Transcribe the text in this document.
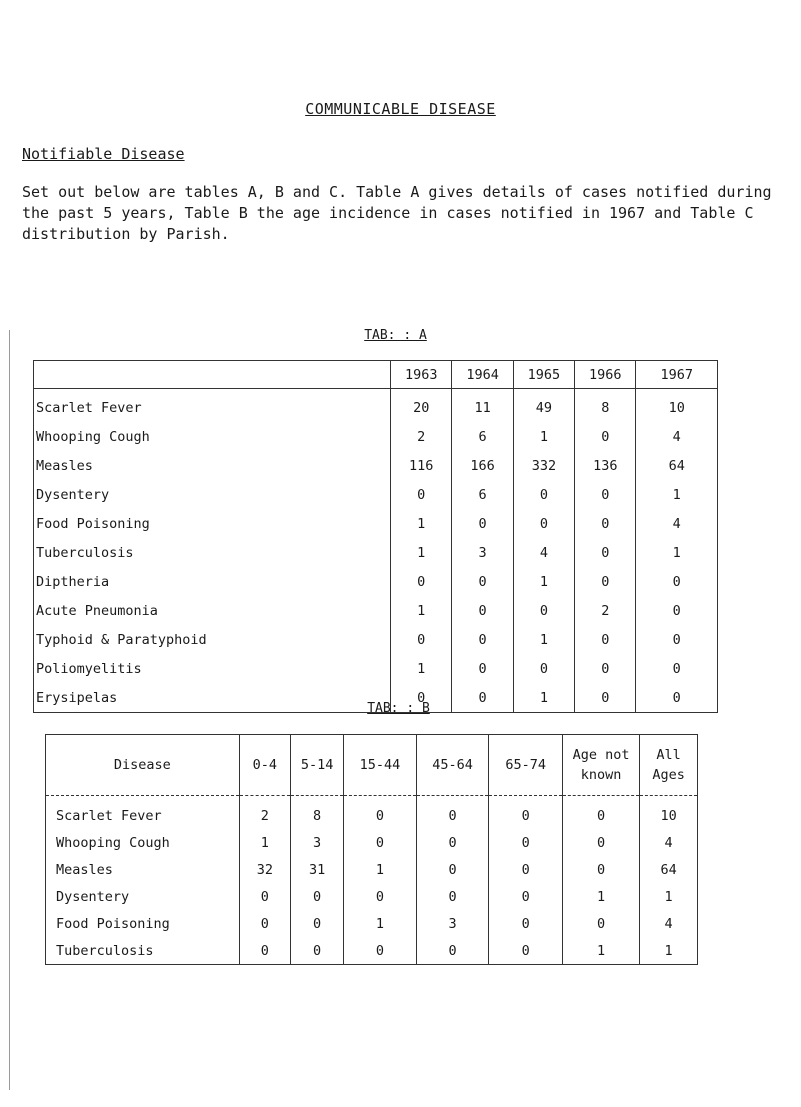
COMMUNICABLE DISEASE
Notifiable Disease

Set out below are tables A, B and C. Table A gives details of cases notified during the past 5 years, Table B the age incidence in cases notified in 1967 and Table C distribution by Parish.

TAB: : A
	1963	1964	1965	1966	1967
Scarlet Fever	20	11	49	8	10
Whooping Cough	2	6	1	0	4
Measles	116	166	332	136	64
Dysentery	0	6	0	0	1
Food Poisoning	1	0	0	0	4
Tuberculosis	1	3	4	0	1
Diptheria	0	0	1	0	0
Acute Pneumonia	1	0	0	2	0
Typhoid & Paratyphoid	0	0	1	0	0
Poliomyelitis	1	0	0	0	0
Erysipelas	0	0	1	0	0
TAB: : B
Disease	0-4	5-14	15-44	45-64	65-74	Age not known	All Ages
Scarlet Fever	2	8	0	0	0	0	10
Whooping Cough	1	3	0	0	0	0	4
Measles	32	31	1	0	0	0	64
Dysentery	0	0	0	0	0	1	1
Food Poisoning	0	0	1	3	0	0	4
Tuberculosis	0	0	0	0	0	1	1
